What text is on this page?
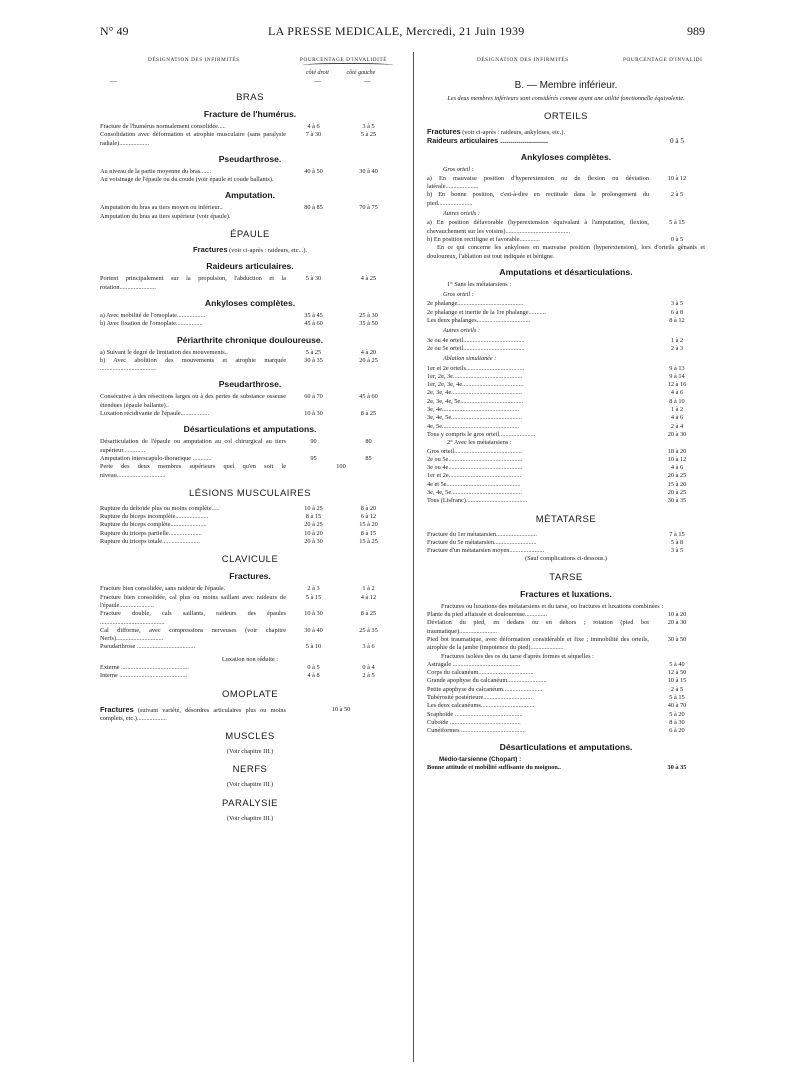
N° 49	LA PRESSE MEDICALE, Mercredi, 21 Juin 1939	989
DÉSIGNATION DES INFIRMITÉS	POURCENTAGE D'INVALIDITÉ
côté droit	côté gauche
—	—	—
BRAS
Fracture de l'humérus.
Fracture de l'humérus normalement consolidée.....	4 à 6	3 à 5
Consolidation avec déformation et atrophie musculaire (sans paralysie radiale)...................
7 à 30	5 à 25
Pseudarthrose.
Au niveau de la partie moyenne du bras.......	40 à 50	30 à 40
Au voisinage de l'épaule ou du coude (voir épaule et coude ballants).
Amputation.
Amputation du bras au tiers moyen ou inférieur..	80 à 85	70 à 75
Amputation du bras au tiers supérieur (voir épaule).
ÉPAULE
Fractures (voir ci-après : raideurs, etc...).
Raideurs articulaires.
Portent principalement sur la propulsion, l'abduction et la rotation.......................
5 à 30	4 à 25
Ankyloses complètes.
a) Avec mobilité de l'omoplate..................	35 à 45	25 à 30
b) Avec fixation de l'omoplate.................	45 à 60	35 à 50
Périarthrite chronique douloureuse.
a) Suivant le degré de limitation des mouvements..	5 à 25	4 à 20
b) Avec abolition des mouvements et atrophie marquée ....................................
30 à 35	20 à 25
Pseudarthrose.
Consécutive à des résections larges ou à des pertes de substance osseuse étendues (épaule ballante)..
60 à 70	45 à 60
Luxation récidivante de l'épaule..................	10 à 30	8 à 25
Désarticulations et amputations.
Désarticulation de l'épaule ou amputation au col chirurgical au tiers supérieur..............
90	80
Amputation interscapulo-thoracique ............	95	85
Perte des deux membres supérieurs quel qu'en soit le niveau...............................
100
LÉSIONS MUSCULAIRES
Rupture du deltoïde plus ou moins complète.....	10 à 25	8 à 20
Rupture du biceps incomplète.....................	8 à 15	6 à 12
Rupture du biceps complète.......................	20 à 25	15 à 20
Rupture du triceps partielle.....................	10 à 20	8 à 15
Rupture du triceps totale........................	20 à 30	15 à 25
CLAVICULE
Fractures.
Fracture bien consolidée, sans raideur de l'épaule.	2 à 3	1 à 2
Fracture bien consolidée, cal plus ou moins saillant avec raideurs de l'épaule......................
5 à 15	4 à 12
Fracture double, cals saillants, raideurs des épaules .........................................
10 à 30	8 à 25
Cal difforme, avec compressions nerveuses (voir chapitre Nerfs)..............................
30 à 40	25 à 35
Pseudarthrose .....................................	5 à 10	3 à 6
Luxation non réduite :
Externe ...........................................	0 à 5	0 à 4
Interne ...........................................	4 à 8	2 à 5
OMOPLATE
Fractures (suivant variété, désordres articulaires plus ou moins complets, etc.)...................
10 à 50
MUSCLES
(Voir chapitre III.)
NERFS
(Voir chapitre III.)
PARALYSIE
(Voir chapitre III.)
DÉSIGNATION DES INFIRMITÉS	POURCENTAGE D'INVALIDI
B. — Membre inférieur.
Les deux membres inférieurs sont considérés comme ayant une utilité fonctionnelle équivalente.
ORTEILS
Fractures (voir ci-après : raideurs, ankyloses, etc.).
Raideurs articulaires ........................	0 à 5
Ankyloses complètes.
Gros orteil :
a) En mauvaise position d'hyperextension ou de flexion ou déviation latérale.....................
10 à 12
b) En bonne position, c'est-à-dire en rectitude dans le prolongement du pied......................
2 à 5
Autres orteils :
a) En position défavorable (hyperextension équivalant à l'amputation, flexion, chevauchement sur les voisins).........................................
5 à 15
b) En position rectiligne et favorable.............	0 à 5
En ce qui concerne les ankyloses en mauvaise position (hyperextension), lors d'orteils gênants et douloureux, l'ablation est tout indiquée et bénigne.
Amputations et désarticulations.
1° Sans les métatarsiens :
Gros orteil :
2e phalange..........................................	3 à 5
2e phalange et inertie de la 1re phalange...........	6 à 8
Les deux phalanges..................................	8 à 12
Autres orteils :
3e ou 4e orteil.......................................	1 à 2
2e ou 5e orteil.......................................	2 à 3
Ablation simultanée :
1er et 2e orteils.....................................	9 à 13
1er, 2e, 3e............................................	9 à 14
1er, 2e, 3e, 4e.......................................	12 à 16
2e, 3e, 4e.............................................	4 à 6
2e, 3e, 4e, 5e........................................	8 à 10
3e, 4e.................................................	1 à 2
3e, 4e, 5e.............................................	4 à 6
4e, 5e.................................................	2 à 4
Tous y compris le gros orteil.......................	20 à 30
2° Avec les métatarsiens :
Gros orteil...........................................	18 à 20
2e ou 5e...............................................	10 à 12
3e ou 4e...............................................	4 à 6
1er et 2e..............................................	20 à 25
4e et 5e...............................................	15 à 20
3e, 4e, 5e.............................................	20 à 25
Tous (Lisfranc).......................................	30 à 35
MÉTATARSE
Fracture du 1er métatarsien..........................	7 à 15
Fracture du 5e métatarsien...........................	5 à 8
Fracture d'un métatarsien moyen......................	3 à 5
(Sauf complications ci-dessous.)
TARSE
Fractures et luxations.
Fractures ou luxations des métatarsiens et du tarse, ou fractures et luxations combinées :
Plante du pied affaissée et douloureuse..............	10 à 20
Déviation du pied, en dedans ou en dehors ; rotation (pied bot traumatique)........................
20 à 30
Pied bot traumatique, avec déformation considérable et fixe ; immobilité des orteils, atrophie de la jambe (impotence du pied).....................
30 à 50
Fractures isolées des os du tarse d'après formes et séquelles :
Astragale ...........................................	5 à 40
Corps du calcanéum...................................	12 à 50
Grande apophyse du calcanéum.........................	10 à 15
Petite apophyse du calcanéum.........................	2 à 5
Tubérosité postérieure...............................	5 à 15
Les deux calcanéums..................................	40 à 70
Scaphoïde ...........................................	5 à 20
Cuboïde .............................................	8 à 30
Cunéiformes .........................................	6 à 20
Désarticulations et amputations.
Médio-tarsienne (Chopart) :
Bonne attitude et mobilité suffisante du moignon..	30 à 35
